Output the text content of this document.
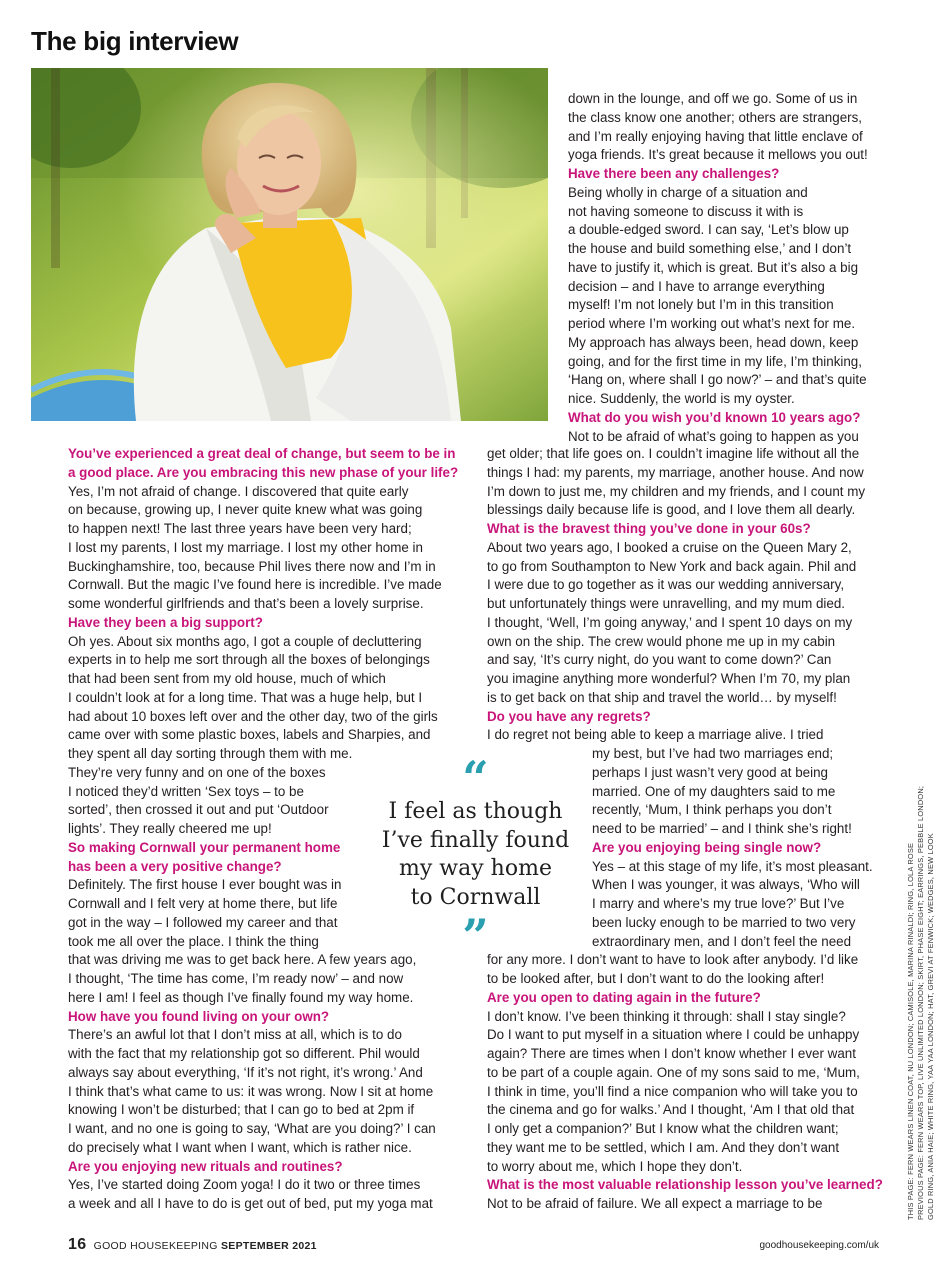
The big interview
down in the lounge, and off we go. Some of us in
the class know one another; others are strangers,
and I’m really enjoying having that little enclave of
yoga friends. It’s great because it mellows you out!
Have there been any challenges?
Being wholly in charge of a situation and
not having someone to discuss it with is
a double-edged sword. I can say, ‘Let’s blow up
the house and build something else,’ and I don’t
have to justify it, which is great. But it’s also a big
decision – and I have to arrange everything
myself! I’m not lonely but I’m in this transition
period where I’m working out what’s next for me.
My approach has always been, head down, keep
going, and for the first time in my life, I’m thinking,
‘Hang on, where shall I go now?’ – and that’s quite
nice. Suddenly, the world is my oyster.
What do you wish you’d known 10 years ago?
Not to be afraid of what’s going to happen as you
You’ve experienced a great deal of change, but seem to be in
a good place. Are you embracing this new phase of your life?
Yes, I’m not afraid of change. I discovered that quite early
on because, growing up, I never quite knew what was going
to happen next! The last three years have been very hard;
I lost my parents, I lost my marriage. I lost my other home in
Buckinghamshire, too, because Phil lives there now and I’m in
Cornwall. But the magic I’ve found here is incredible. I’ve made
some wonderful girlfriends and that’s been a lovely surprise.
Have they been a big support?
Oh yes. About six months ago, I got a couple of decluttering
experts in to help me sort through all the boxes of belongings
that had been sent from my old house, much of which
I couldn’t look at for a long time. That was a huge help, but I
had about 10 boxes left over and the other day, two of the girls
came over with some plastic boxes, labels and Sharpies, and
they spent all day sorting through them with me.
They’re very funny and on one of the boxes
I noticed they’d written ‘Sex toys – to be
sorted’, then crossed it out and put ‘Outdoor
lights’. They really cheered me up!
So making Cornwall your permanent home
has been a very positive change?
Definitely. The first house I ever bought was in
Cornwall and I felt very at home there, but life
got in the way – I followed my career and that
took me all over the place. I think the thing
that was driving me was to get back here. A few years ago,
I thought, ‘The time has come, I’m ready now’ – and now
here I am! I feel as though I’ve finally found my way home.
How have you found living on your own?
There’s an awful lot that I don’t miss at all, which is to do
with the fact that my relationship got so different. Phil would
always say about everything, ‘If it’s not right, it’s wrong.’ And
I think that’s what came to us: it was wrong. Now I sit at home
knowing I won’t be disturbed; that I can go to bed at 2pm if
I want, and no one is going to say, ‘What are you doing?’ I can
do precisely what I want when I want, which is rather nice.
Are you enjoying new rituals and routines?
Yes, I’ve started doing Zoom yoga! I do it two or three times
a week and all I have to do is get out of bed, put my yoga mat
get older; that life goes on. I couldn’t imagine life without all the
things I had: my parents, my marriage, another house. And now
I’m down to just me, my children and my friends, and I count my
blessings daily because life is good, and I love them all dearly.
What is the bravest thing you’ve done in your 60s?
About two years ago, I booked a cruise on the Queen Mary 2,
to go from Southampton to New York and back again. Phil and
I were due to go together as it was our wedding anniversary,
but unfortunately things were unravelling, and my mum died.
I thought, ‘Well, I’m going anyway,’ and I spent 10 days on my
own on the ship. The crew would phone me up in my cabin
and say, ‘It’s curry night, do you want to come down?’ Can
you imagine anything more wonderful? When I’m 70, my plan
is to get back on that ship and travel the world… by myself!
Do you have any regrets?
I do regret not being able to keep a marriage alive. I tried
my best, but I’ve had two marriages end;
perhaps I just wasn’t very good at being
married. One of my daughters said to me
recently, ‘Mum, I think perhaps you don’t
need to be married’ – and I think she’s right!
Are you enjoying being single now?
Yes – at this stage of my life, it’s most pleasant.
When I was younger, it was always, ‘Who will
I marry and where’s my true love?’ But I’ve
been lucky enough to be married to two very
extraordinary men, and I don’t feel the need
for any more. I don’t want to have to look after anybody. I’d like
to be looked after, but I don’t want to do the looking after!
Are you open to dating again in the future?
I don’t know. I’ve been thinking it through: shall I stay single?
Do I want to put myself in a situation where I could be unhappy
again? There are times when I don’t know whether I ever want
to be part of a couple again. One of my sons said to me, ‘Mum,
I think in time, you’ll find a nice companion who will take you to
the cinema and go for walks.’ And I thought, ‘Am I that old that
I only get a companion?’ But I know what the children want;
they want me to be settled, which I am. And they don’t want
to worry about me, which I hope they don’t.
What is the most valuable relationship lesson you’ve learned?
Not to be afraid of failure. We all expect a marriage to be
“
I feel as though
I’ve finally found
my way home
to Cornwall
”	THIS PAGE: FERN WEARS LINEN COAT, NU LONDON; CAMISOLE, MARINA RINALDI; RING, LOLA ROSE PREVIOUS PAGE: FERN WEARS TOP, LIVE UNLIMITED LONDON; SKIRT, PHASE EIGHT; EARRINGS, PEBBLE LONDON; GOLD RING, ANIA HAIE; WHITE RING, YAA YAA LONDON; HAT, GREVI AT FENWICK; WEDGES, NEW LOOK
16 GOOD HOUSEKEEPING SEPTEMBER 2021	goodhousekeeping.com/uk
